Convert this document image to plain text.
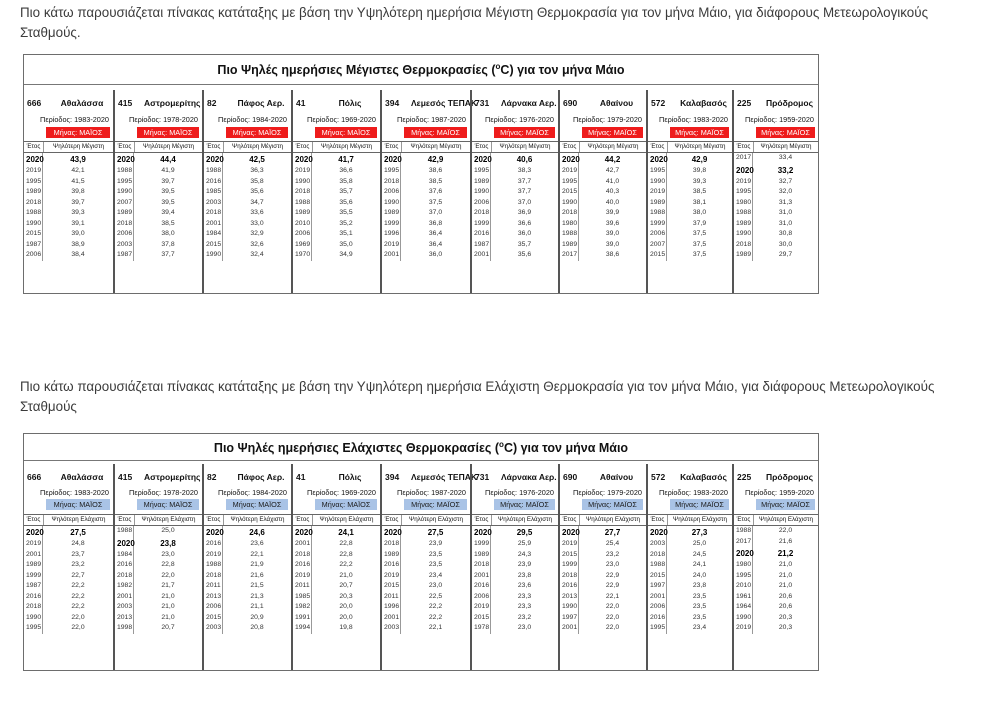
Πιο κάτω παρουσιάζεται πίνακας κατάταξης με βάση την Υψηλότερη ημερήσια Μέγιστη Θερμοκρασία για τον μήνα Μάιο, για διάφορους Μετεωρολογικούς Σταθμούς.
Πιο Ψηλές ημερήσιες Μέγιστες Θερμοκρασίες ($^o$C) για τον μήνα Μάιο
666	Αθαλάσσα
Περίοδος: 1983-2020
Μήνας: ΜΑΪΟΣ
Έτος	Ψηλότερη Μέγιστη
2020	43,9
2019	42,1
1995	41,5
1989	39,8
2018	39,7
1988	39,3
1990	39,1
2015	39,0
1987	38,9
2006	38,4
415 Αστρομερίτης
Περίοδος: 1978-2020
Μήνας: ΜΑΪΟΣ
Έτος	Ψηλότερη Μέγιστη
2020	44,4
1988	41,9
1995	39,7
1990	39,5
2007	39,5
1989	39,4
2018	38,5
2006	38,0
2003	37,8
1987	37,7
82	Πάφος Αερ.
Περίοδος: 1984-2020
Μήνας: ΜΑΪΟΣ
Έτος	Ψηλότερη Μέγιστη
2020	42,5
1988	36,3
2016	35,8
1985	35,6
2003	34,7
2018	33,6
2001	33,0
1984	32,9
2015	32,6
1990	32,4
41	Πόλις
Περίοδος: 1969-2020
Μήνας: ΜΑΪΟΣ
Έτος	Ψηλότερη Μέγιστη
2020	41,7
2019	36,6
1990	35,8
2018	35,7
1988	35,6
1989	35,5
2010	35,2
2006	35,1
1969	35,0
1970	34,9
394 Λεμεσός ΤΕΠΑΚ
Περίοδος: 1987-2020
Μήνας: ΜΑΪΟΣ
Έτος	Ψηλότερη Μέγιστη
2020	42,9
1995	38,6
2018	38,5
2006	37,6
1990	37,5
1989	37,0
1999	36,8
1996	36,4
2019	36,4
2001	36,0
731 Λάρνακα Αερ.
Περίοδος: 1976-2020
Μήνας: ΜΑΪΟΣ
Έτος	Ψηλότερη Μέγιστη
2020	40,6
1995	38,3
1989	37,7
1990	37,7
2006	37,0
2018	36,9
1999	36,6
2016	36,0
1987	35,7
2001	35,6
690	Αθαίνου
Περίοδος: 1979-2020
Μήνας: ΜΑΪΟΣ
Έτος	Ψηλότερη Μέγιστη
2020	44,2
2019	42,7
1995	41,0
2015	40,3
1990	40,0
2018	39,9
1980	39,6
1988	39,0
1989	39,0
2017	38,6
572	Καλαβασός
Περίοδος: 1983-2020
Μήνας: ΜΑΪΟΣ
Έτος	Ψηλότερη Μέγιστη
2020	42,9
1995	39,8
1990	39,3
2019	38,5
1989	38,1
1988	38,0
1999	37,9
2006	37,5
2007	37,5
2015	37,5
225	Πρόδρομος
Περίοδος: 1959-2020
Μήνας: ΜΑΪΟΣ
Έτος	Ψηλότερη Μέγιστη
2017	33,4
2020	33,2
2019	32,7
1995	32,0
1980	31,3
1988	31,0
1989	31,0
1990	30,8
2018	30,0
1989	29,7
Πιο κάτω παρουσιάζεται πίνακας κατάταξης με βάση την Υψηλότερη ημερήσια Ελάχιστη Θερμοκρασία για τον μήνα Μάιο, για διάφορους Μετεωρολογικούς Σταθμούς
Πιο Ψηλές ημερήσιες Ελάχιστες Θερμοκρασίες ($^o$C) για τον μήνα Μάιο
666	Αθαλάσσα
Περίοδος: 1983-2020
Μήνας: ΜΑΪΟΣ
Έτος	Ψηλότερη Ελάχιστη
2020	27,5
2019	24,8
2001	23,7
1989	23,2
1999	22,7
1987	22,2
2016	22,2
2018	22,2
1990	22,0
1995	22,0
415 Αστρομερίτης
Περίοδος: 1978-2020
Μήνας: ΜΑΪΟΣ
Έτος	Ψηλότερη Ελάχιστη
1988	25,0
2020	23,8
1984	23,0
2016	22,8
2018	22,0
1982	21,7
2001	21,0
2003	21,0
2013	21,0
1998	20,7
82	Πάφος Αερ.
Περίοδος: 1984-2020
Μήνας: ΜΑΪΟΣ
Έτος	Ψηλότερη Ελάχιστη
2020	24,6
2016	23,6
2019	22,1
1988	21,9
2018	21,6
2011	21,5
2013	21,3
2006	21,1
2015	20,9
2003	20,8
41	Πόλις
Περίοδος: 1969-2020
Μήνας: ΜΑΪΟΣ
Έτος	Ψηλότερη Ελάχιστη
2020	24,1
2001	22,8
2018	22,8
2016	22,2
2019	21,0
2011	20,7
1985	20,3
1982	20,0
1991	20,0
1994	19,8
394 Λεμεσός ΤΕΠΑΚ
Περίοδος: 1987-2020
Μήνας: ΜΑΪΟΣ
Έτος	Ψηλότερη Ελάχιστη
2020	27,5
2018	23,9
1989	23,5
2016	23,5
2019	23,4
2015	23,0
2011	22,5
1996	22,2
2001	22,2
2003	22,1
731 Λάρνακα Αερ.
Περίοδος: 1976-2020
Μήνας: ΜΑΪΟΣ
Έτος	Ψηλότερη Ελάχιστη
2020	29,5
1999	25,9
1989	24,3
2018	23,9
2001	23,8
2016	23,6
2006	23,3
2019	23,3
2015	23,2
1978	23,0
690	Αθαίνου
Περίοδος: 1979-2020
Μήνας: ΜΑΪΟΣ
Έτος	Ψηλότερη Ελάχιστη
2020	27,7
2019	25,4
2015	23,2
1999	23,0
2018	22,9
2016	22,9
2013	22,1
1990	22,0
1997	22,0
2001	22,0
572	Καλαβασός
Περίοδος: 1983-2020
Μήνας: ΜΑΪΟΣ
Έτος	Ψηλότερη Ελάχιστη
2020	27,3
2003	25,0
2018	24,5
1988	24,1
2015	24,0
1997	23,8
2001	23,5
2006	23,5
2016	23,5
1995	23,4
225	Πρόδρομος
Περίοδος: 1959-2020
Μήνας: ΜΑΪΟΣ
Έτος	Ψηλότερη Ελάχιστη
1988	22,0
2017	21,6
2020	21,2
1980	21,0
1995	21,0
2010	21,0
1961	20,6
1964	20,6
1990	20,3
2019	20,3
